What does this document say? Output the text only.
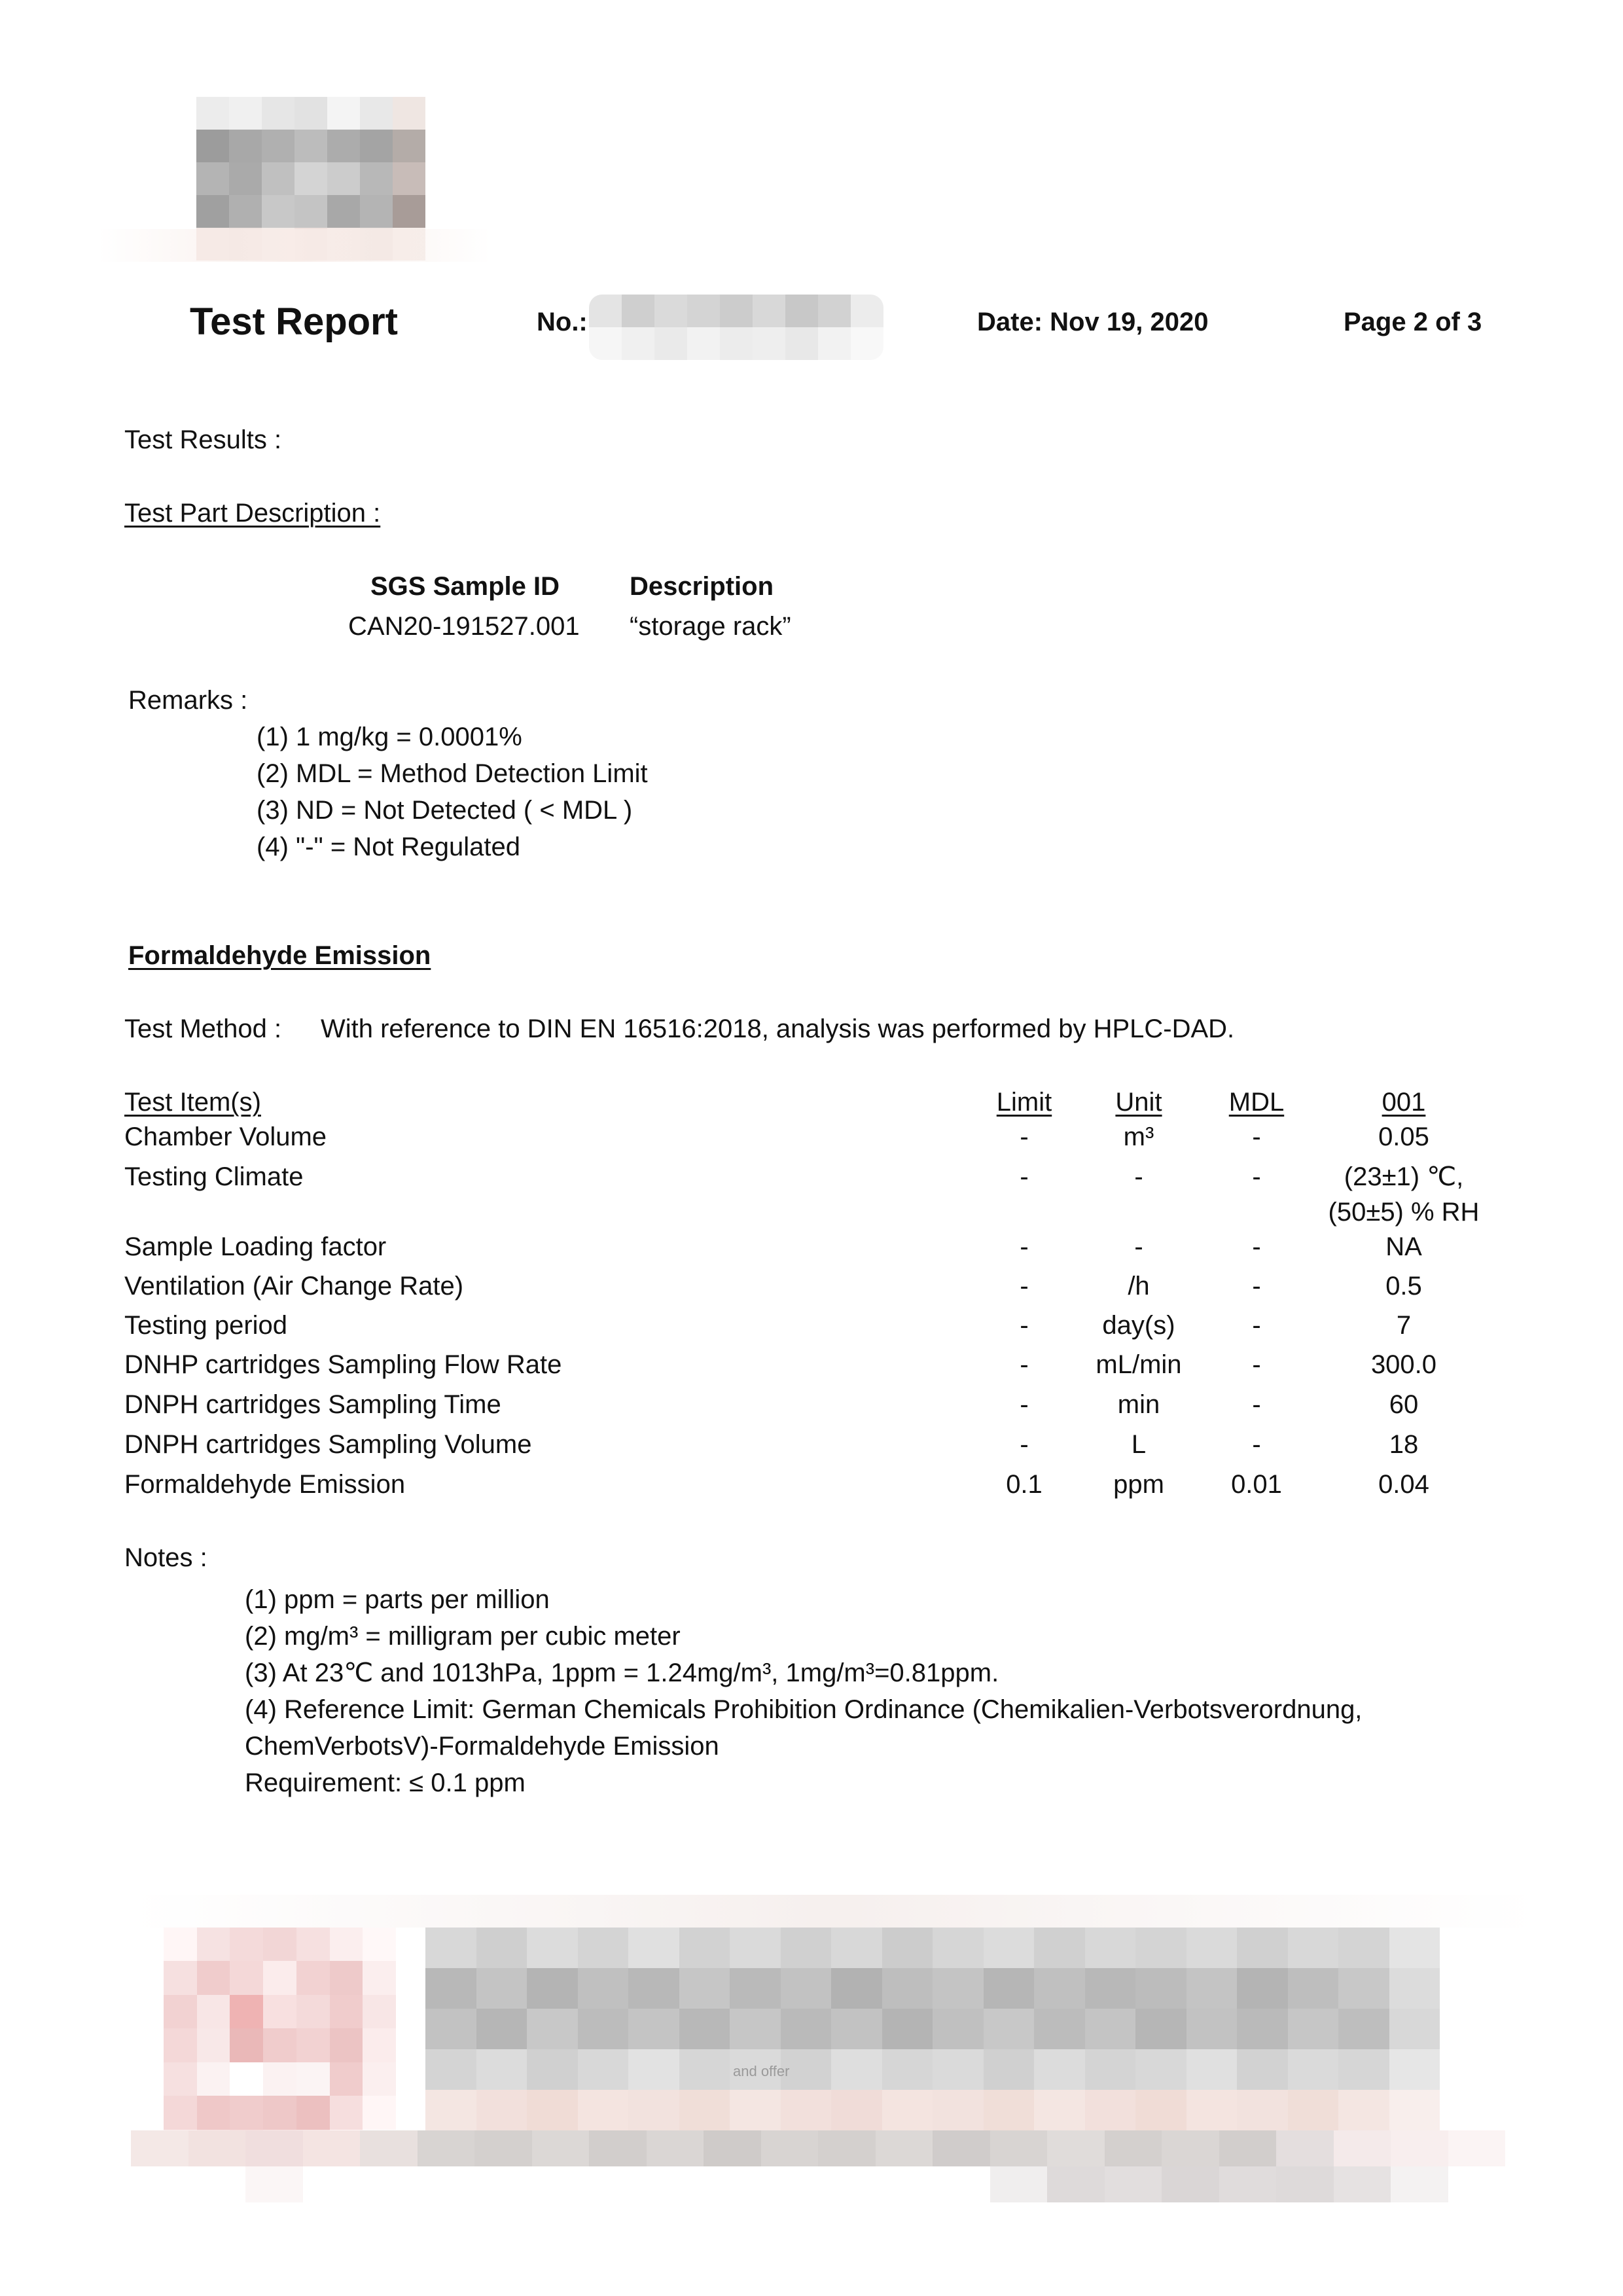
Test Report	No.:	Date: Nov 19, 2020	Page 2 of 3
Test Results :
Test Part Description :
SGS Sample ID	Description
CAN20-191527.001 “storage rack”
Remarks :
(1) 1 mg/kg = 0.0001%
(2) MDL = Method Detection Limit
(3) ND = Not Detected ( < MDL )
(4) "-" = Not Regulated
Formaldehyde Emission
Test Method : With reference to DIN EN 16516:2018, analysis was performed by HPLC-DAD.
Test Item(s)	Limit	Unit	MDL	001
Chamber Volume	-	m³	-	0.05
Testing Climate	-	-	-	(23±1) ℃,
(50±5) % RH
Sample Loading factor	-	-	-	NA
Ventilation (Air Change Rate)	-	/h	-	0.5
Testing period	-	day(s)	-	7
DNHP cartridges Sampling Flow Rate	-	mL/min	-	300.0
DNPH cartridges Sampling Time	-	min	-	60
DNPH cartridges Sampling Volume	-	L	-	18
Formaldehyde Emission	0.1	ppm	0.01	0.04
Notes :
(1) ppm = parts per million
(2) mg/m³ = milligram per cubic meter
(3) At 23℃ and 1013hPa, 1ppm = 1.24mg/m³, 1mg/m³=0.81ppm.
(4) Reference Limit: German Chemicals Prohibition Ordinance (Chemikalien-Verbotsverordnung,
ChemVerbotsV)-Formaldehyde Emission
Requirement: ≤ 0.1 ppm
and offer
